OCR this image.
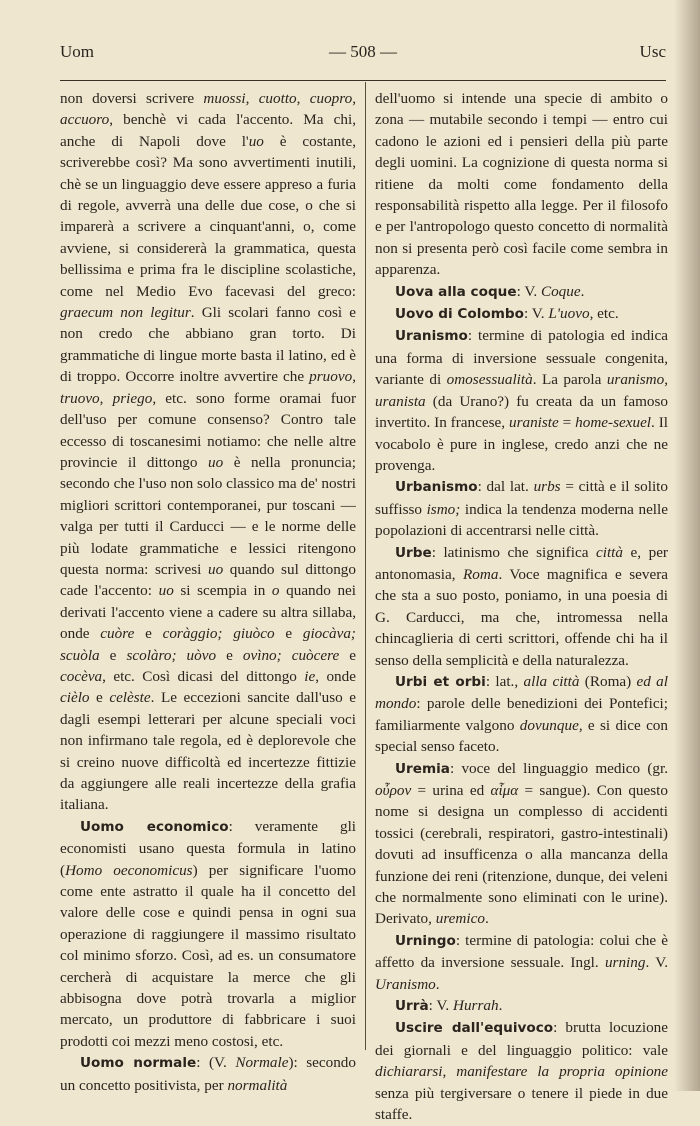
Uom	— 508 —	Usc

non doversi scrivere muossi, cuotto, cuopro, accuoro, benchè vi cada l'accento. Ma chi, anche di Napoli dove l'uo è costante, scriverebbe così? Ma sono avvertimenti inutili, chè se un linguaggio deve essere appreso a furia di regole, avverrà una delle due cose, o che si imparerà a scrivere a cinquant'anni, o, come avviene, si considererà la grammatica, questa bellissima e prima fra le discipline scolastiche, come nel Medio Evo facevasi del greco: graecum non legitur. Gli scolari fanno così e non credo che abbiano gran torto. Di grammatiche di lingue morte basta il latino, ed è di troppo. Occorre inoltre avvertire che pruovo, truovo, priego, etc. sono forme oramai fuor dell'uso per comune consenso? Contro tale eccesso di toscanesimi notiamo: che nelle altre provincie il dittongo uo è nella pronuncia; secondo che l'uso non solo classico ma de' nostri migliori scrittori contemporanei, pur toscani — valga per tutti il Carducci — e le norme delle più lodate grammatiche e lessici ritengono questa norma: scrivesi uo quando sul dittongo cade l'accento: uo si scempia in o quando nei derivati l'accento viene a cadere su altra sillaba, onde cuòre e coràggio; giuòco e giocàva; scuòla e scolàro; uòvo e ovìno; cuòcere e cocèva, etc. Così dicasi del dittongo ie, onde cièlo e celèste. Le eccezioni sancite dall'uso e dagli esempi letterari per alcune speciali voci non infirmano tale regola, ed è deplorevole che si creino nuove difficoltà ed incertezze fittizie da aggiungere alle reali incertezze della grafia italiana.

Uomo economico: veramente gli economisti usano questa formula in latino (Homo oeconomicus) per significare l'uomo come ente astratto il quale ha il concetto del valore delle cose e quindi pensa in ogni sua operazione di raggiungere il massimo risultato col minimo sforzo. Così, ad es. un consumatore cercherà di acquistare la merce che gli abbisogna dove potrà trovarla a miglior mercato, un produttore di fabbricare i suoi prodotti coi mezzi meno costosi, etc.

Uomo normale: (V. Normale): secondo un concetto positivista, per normalità

dell'uomo si intende una specie di ambito o zona — mutabile secondo i tempi — entro cui cadono le azioni ed i pensieri della più parte degli uomini. La cognizione di questa norma si ritiene da molti come fondamento della responsabilità rispetto alla legge. Per il filosofo e per l'antropologo questo concetto di normalità non si presenta però così facile come sembra in apparenza.

Uova alla coque: V. Coque.

Uovo di Colombo: V. L'uovo, etc.

Uranismo: termine di patologia ed indica una forma di inversione sessuale congenita, variante di omosessualità. La parola uranismo, uranista (da Urano?) fu creata da un famoso invertito. In francese, uraniste = home-sexuel. Il vocabolo è pure in inglese, credo anzi che ne provenga.

Urbanismo: dal lat. urbs = città e il solito suffisso ismo; indica la tendenza moderna nelle popolazioni di accentrarsi nelle città.

Urbe: latinismo che significa città e, per antonomasia, Roma. Voce magnifica e severa che sta a suo posto, poniamo, in una poesia di G. Carducci, ma che, intromessa nella chincaglieria di certi scrittori, offende chi ha il senso della semplicità e della naturalezza.

Urbi et orbi: lat., alla città (Roma) ed al mondo: parole delle benedizioni dei Pontefici; familiarmente valgono dovunque, e si dice con special senso faceto.

Uremia: voce del linguaggio medico (gr. οὖρον = urina ed αἷμα = sangue). Con questo nome si designa un complesso di accidenti tossici (cerebrali, respiratori, gastro-intestinali) dovuti ad insufficenza o alla mancanza della funzione dei reni (ritenzione, dunque, dei veleni che normalmente sono eliminati con le urine). Derivato, uremico.

Urningo: termine di patologia: colui che è affetto da inversione sessuale. Ingl. urning. V. Uranismo.

Urrà: V. Hurrah.

Uscire dall'equivoco: brutta locuzione dei giornali e del linguaggio politico: vale dichiararsi, manifestare la propria opinione senza più tergiversare o tenere il piede in due staffe.
